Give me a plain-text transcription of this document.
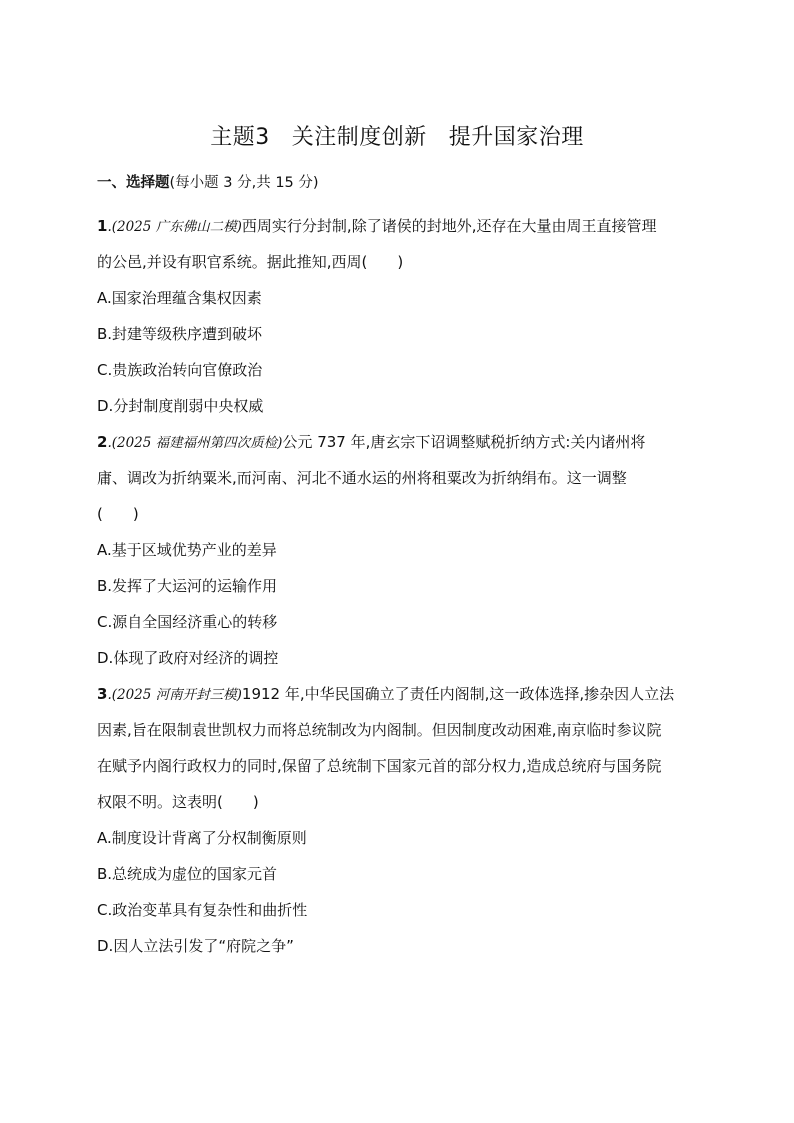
主题3 关注制度创新 提升国家治理
一、选择题(每小题 3 分,共 15 分)
1.(2025 广东佛山二模)西周实行分封制,除了诸侯的封地外,还存在大量由周王直接管理
的公邑,并设有职官系统。据此推知,西周(　　)
A.国家治理蕴含集权因素
B.封建等级秩序遭到破坏
C.贵族政治转向官僚政治
D.分封制度削弱中央权威
2.(2025 福建福州第四次质检)公元 737 年,唐玄宗下诏调整赋税折纳方式:关内诸州将
庸、调改为折纳粟米,而河南、河北不通水运的州将租粟改为折纳绢布。这一调整
(　　)
A.基于区域优势产业的差异
B.发挥了大运河的运输作用
C.源自全国经济重心的转移
D.体现了政府对经济的调控
3.(2025 河南开封三模)1912 年,中华民国确立了责任内阁制,这一政体选择,掺杂因人立法
因素,旨在限制袁世凯权力而将总统制改为内阁制。但因制度改动困难,南京临时参议院
在赋予内阁行政权力的同时,保留了总统制下国家元首的部分权力,造成总统府与国务院
权限不明。这表明(　　)
A.制度设计背离了分权制衡原则
B.总统成为虚位的国家元首
C.政治变革具有复杂性和曲折性
D.因人立法引发了“府院之争”
